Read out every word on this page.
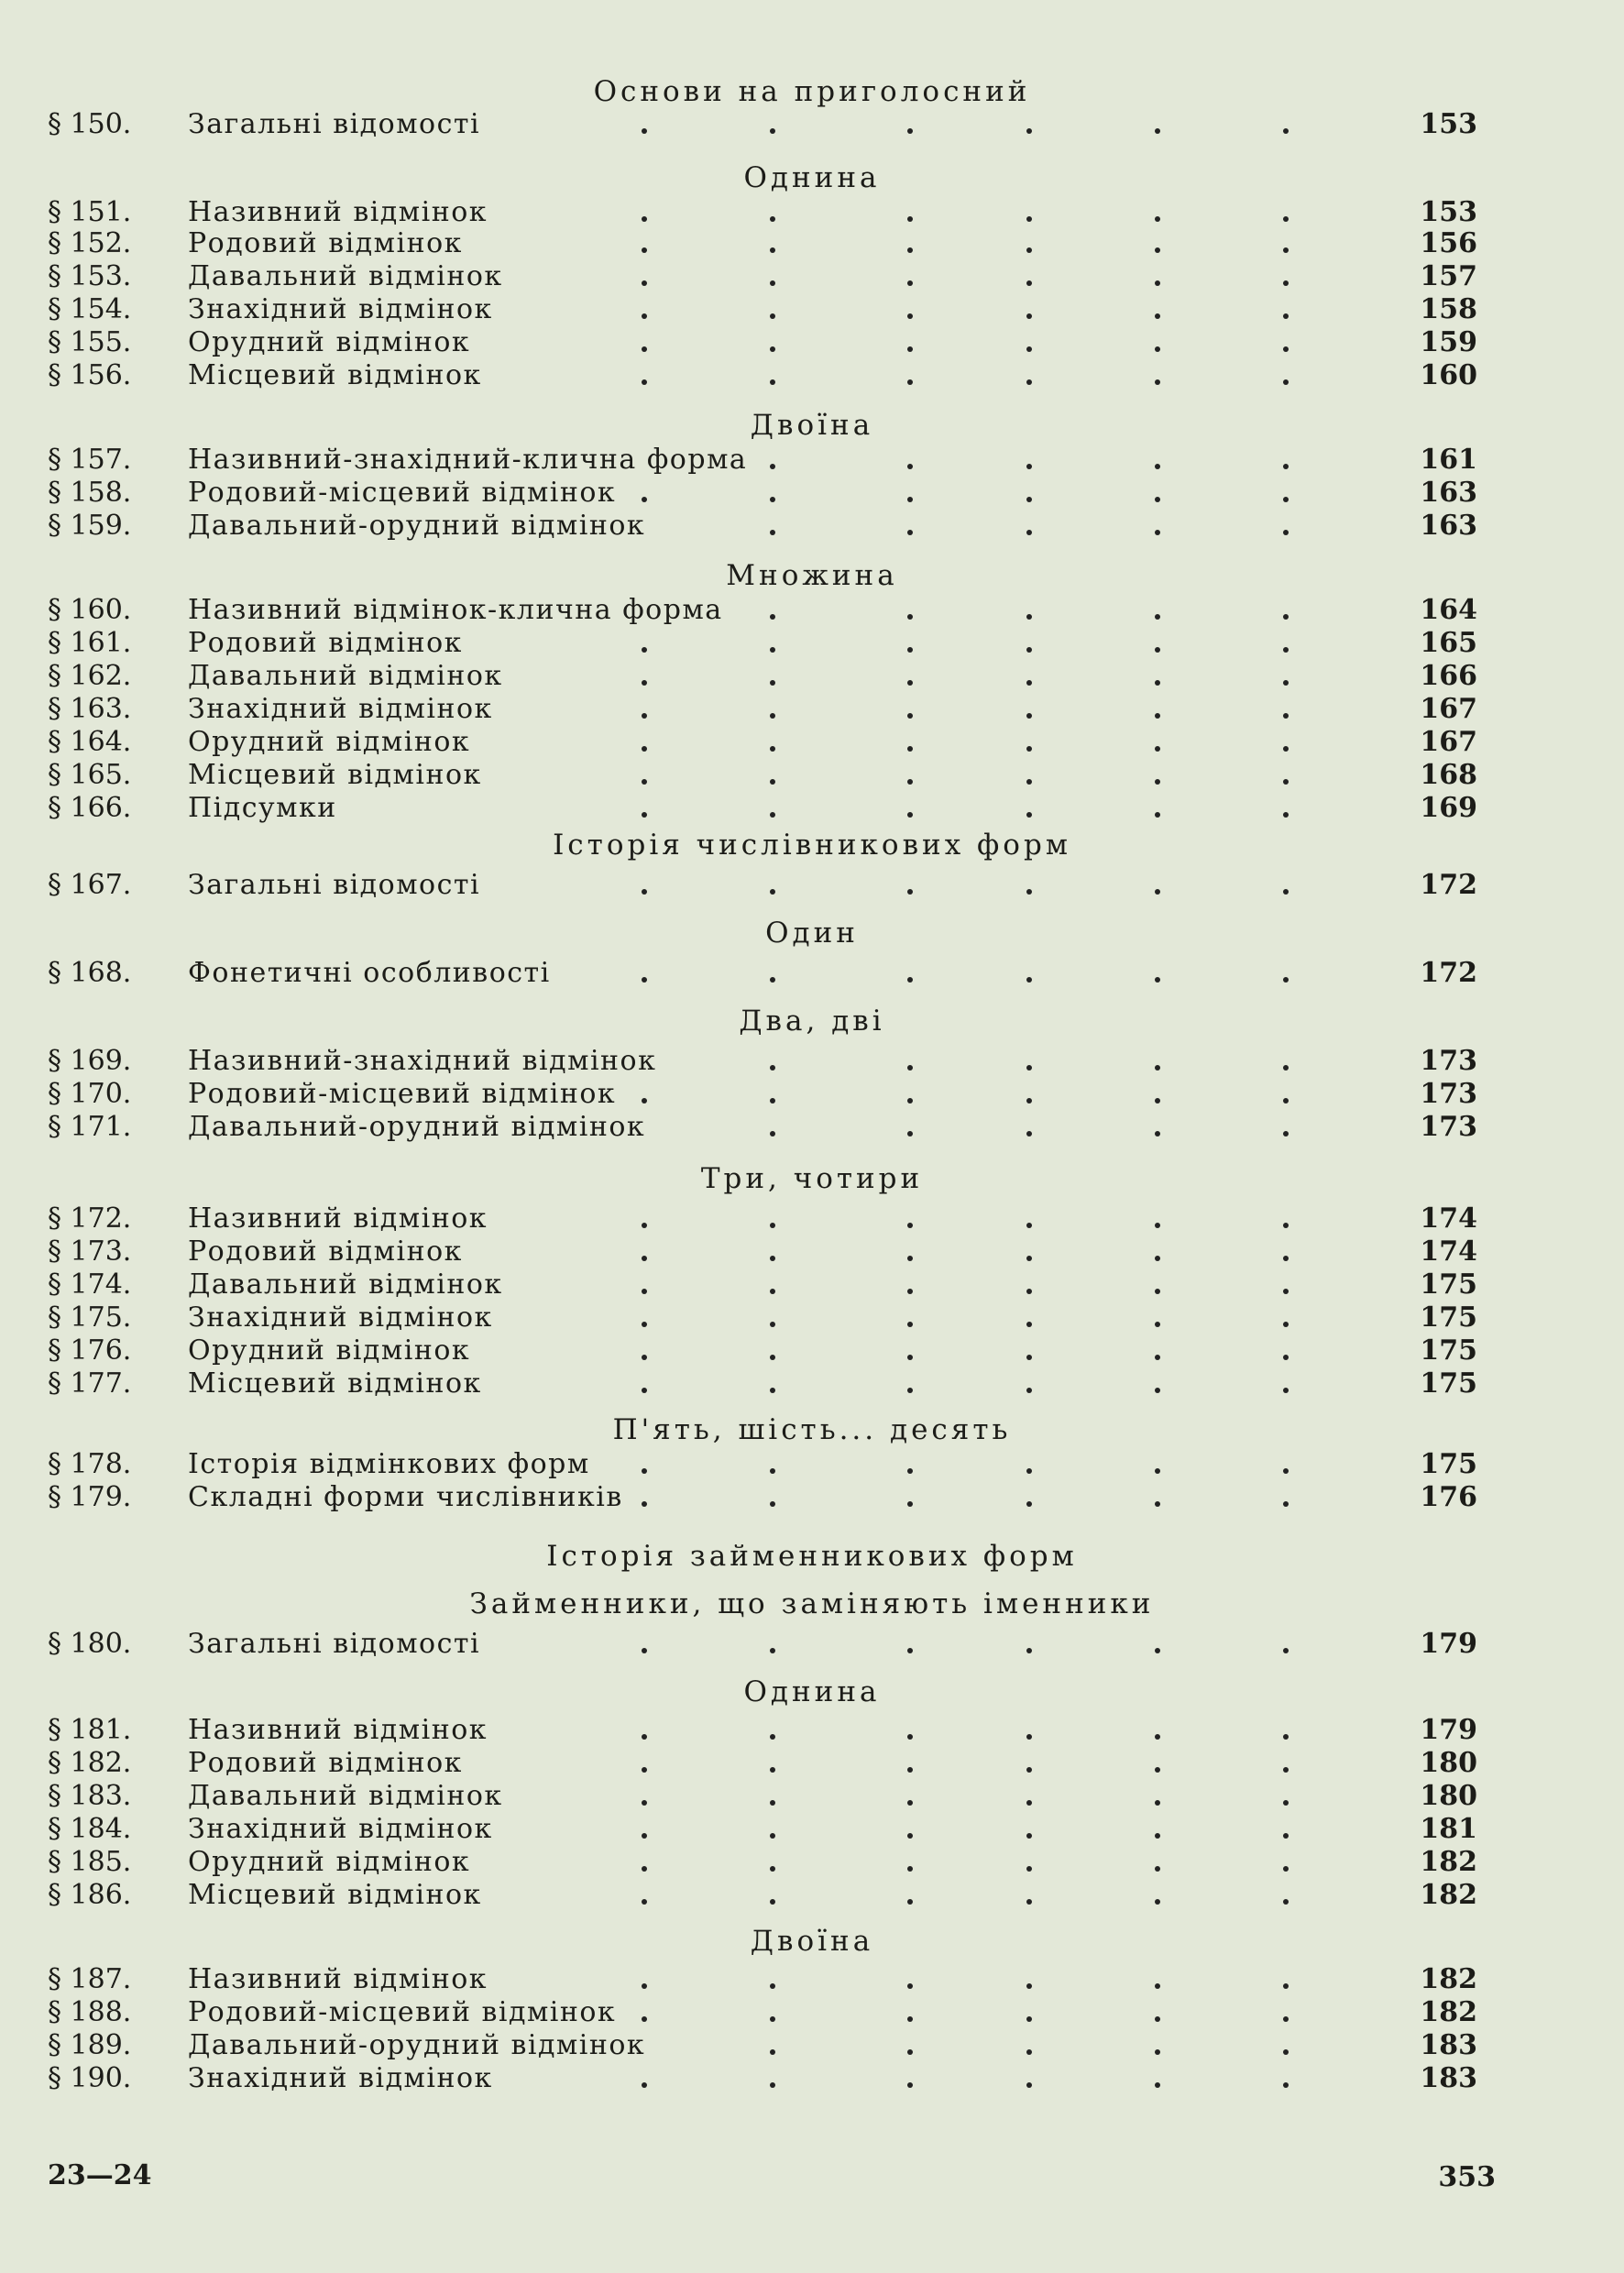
Основи на приголосний
§ 150.	Загальні відомості	153
Однина
§ 151.	Називний відмінок	153
§ 152.	Родовий відмінок	156
§ 153.	Давальний відмінок	157
§ 154.	Знахідний відмінок	158
§ 155.	Орудний відмінок	159
§ 156.	Місцевий відмінок	160
Двоїна
§ 157.	Називний-знахідний-клична форма	161
§ 158.	Родовий-місцевий відмінок	163
§ 159.	Давальний-орудний відмінок	163
Множина
§ 160.	Називний відмінок-клична форма	164
§ 161.	Родовий відмінок	165
§ 162.	Давальний відмінок	166
§ 163.	Знахідний відмінок	167
§ 164.	Орудний відмінок	167
§ 165.	Місцевий відмінок	168
§ 166.	Підсумки	169
Історія числівникових форм
§ 167.	Загальні відомості	172
Один
§ 168.	Фонетичні особливості	172
Два, дві
§ 169.	Називний-знахідний відмінок	173
§ 170.	Родовий-місцевий відмінок	173
§ 171.	Давальний-орудний відмінок	173
Три, чотири
§ 172.	Називний відмінок	174
§ 173.	Родовий відмінок	174
§ 174.	Давальний відмінок	175
§ 175.	Знахідний відмінок	175
§ 176.	Орудний відмінок	175
§ 177.	Місцевий відмінок	175
П'ять, шість... десять
§ 178.	Історія відмінкових форм	175
§ 179.	Складні форми числівників	176
Історія займенникових форм
Займенники, що заміняють іменники
§ 180.	Загальні відомості	179
Однина
§ 181.	Називний відмінок	179
§ 182.	Родовий відмінок	180
§ 183.	Давальний відмінок	180
§ 184.	Знахідний відмінок	181
§ 185.	Орудний відмінок	182
§ 186.	Місцевий відмінок	182
Двоїна
§ 187.	Називний відмінок	182
§ 188.	Родовий-місцевий відмінок	182
§ 189.	Давальний-орудний відмінок	183
§ 190.	Знахідний відмінок	183
23—24	353
